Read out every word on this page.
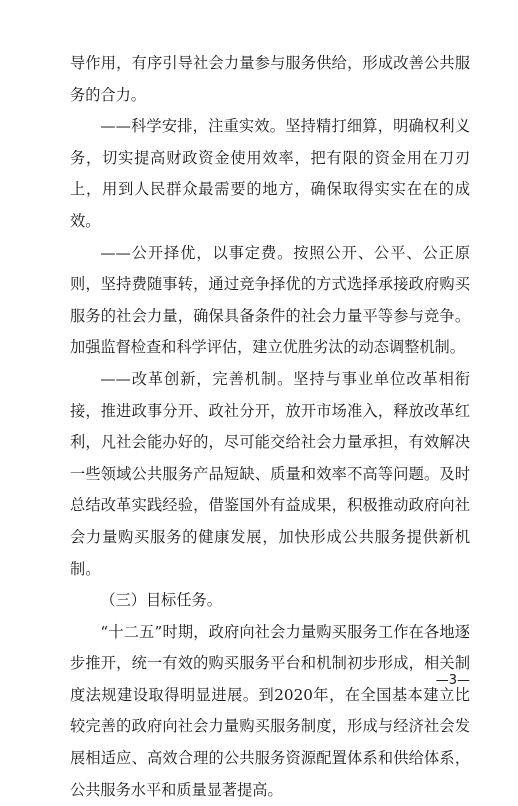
导作用，有序引导社会力量参与服务供给，形成改善公共服务的合力。

——科学安排，注重实效。坚持精打细算，明确权利义务，切实提高财政资金使用效率，把有限的资金用在刀刃上，用到人民群众最需要的地方，确保取得实实在在的成效。

——公开择优，以事定费。按照公开、公平、公正原则，坚持费随事转，通过竞争择优的方式选择承接政府购买服务的社会力量，确保具备条件的社会力量平等参与竞争。加强监督检查和科学评估，建立优胜劣汰的动态调整机制。

——改革创新，完善机制。坚持与事业单位改革相衔接，推进政事分开、政社分开，放开市场准入，释放改革红利，凡社会能办好的，尽可能交给社会力量承担，有效解决一些领域公共服务产品短缺、质量和效率不高等问题。及时总结改革实践经验，借鉴国外有益成果，积极推动政府向社会力量购买服务的健康发展，加快形成公共服务提供新机制。

（三）目标任务。

“十二五”时期，政府向社会力量购买服务工作在各地逐步推开，统一有效的购买服务平台和机制初步形成，相关制度法规建设取得明显进展。到2020年，在全国基本建立比较完善的政府向社会力量购买服务制度，形成与经济社会发展相适应、高效合理的公共服务资源配置体系和供给体系，公共服务水平和质量显著提高。

—3—
